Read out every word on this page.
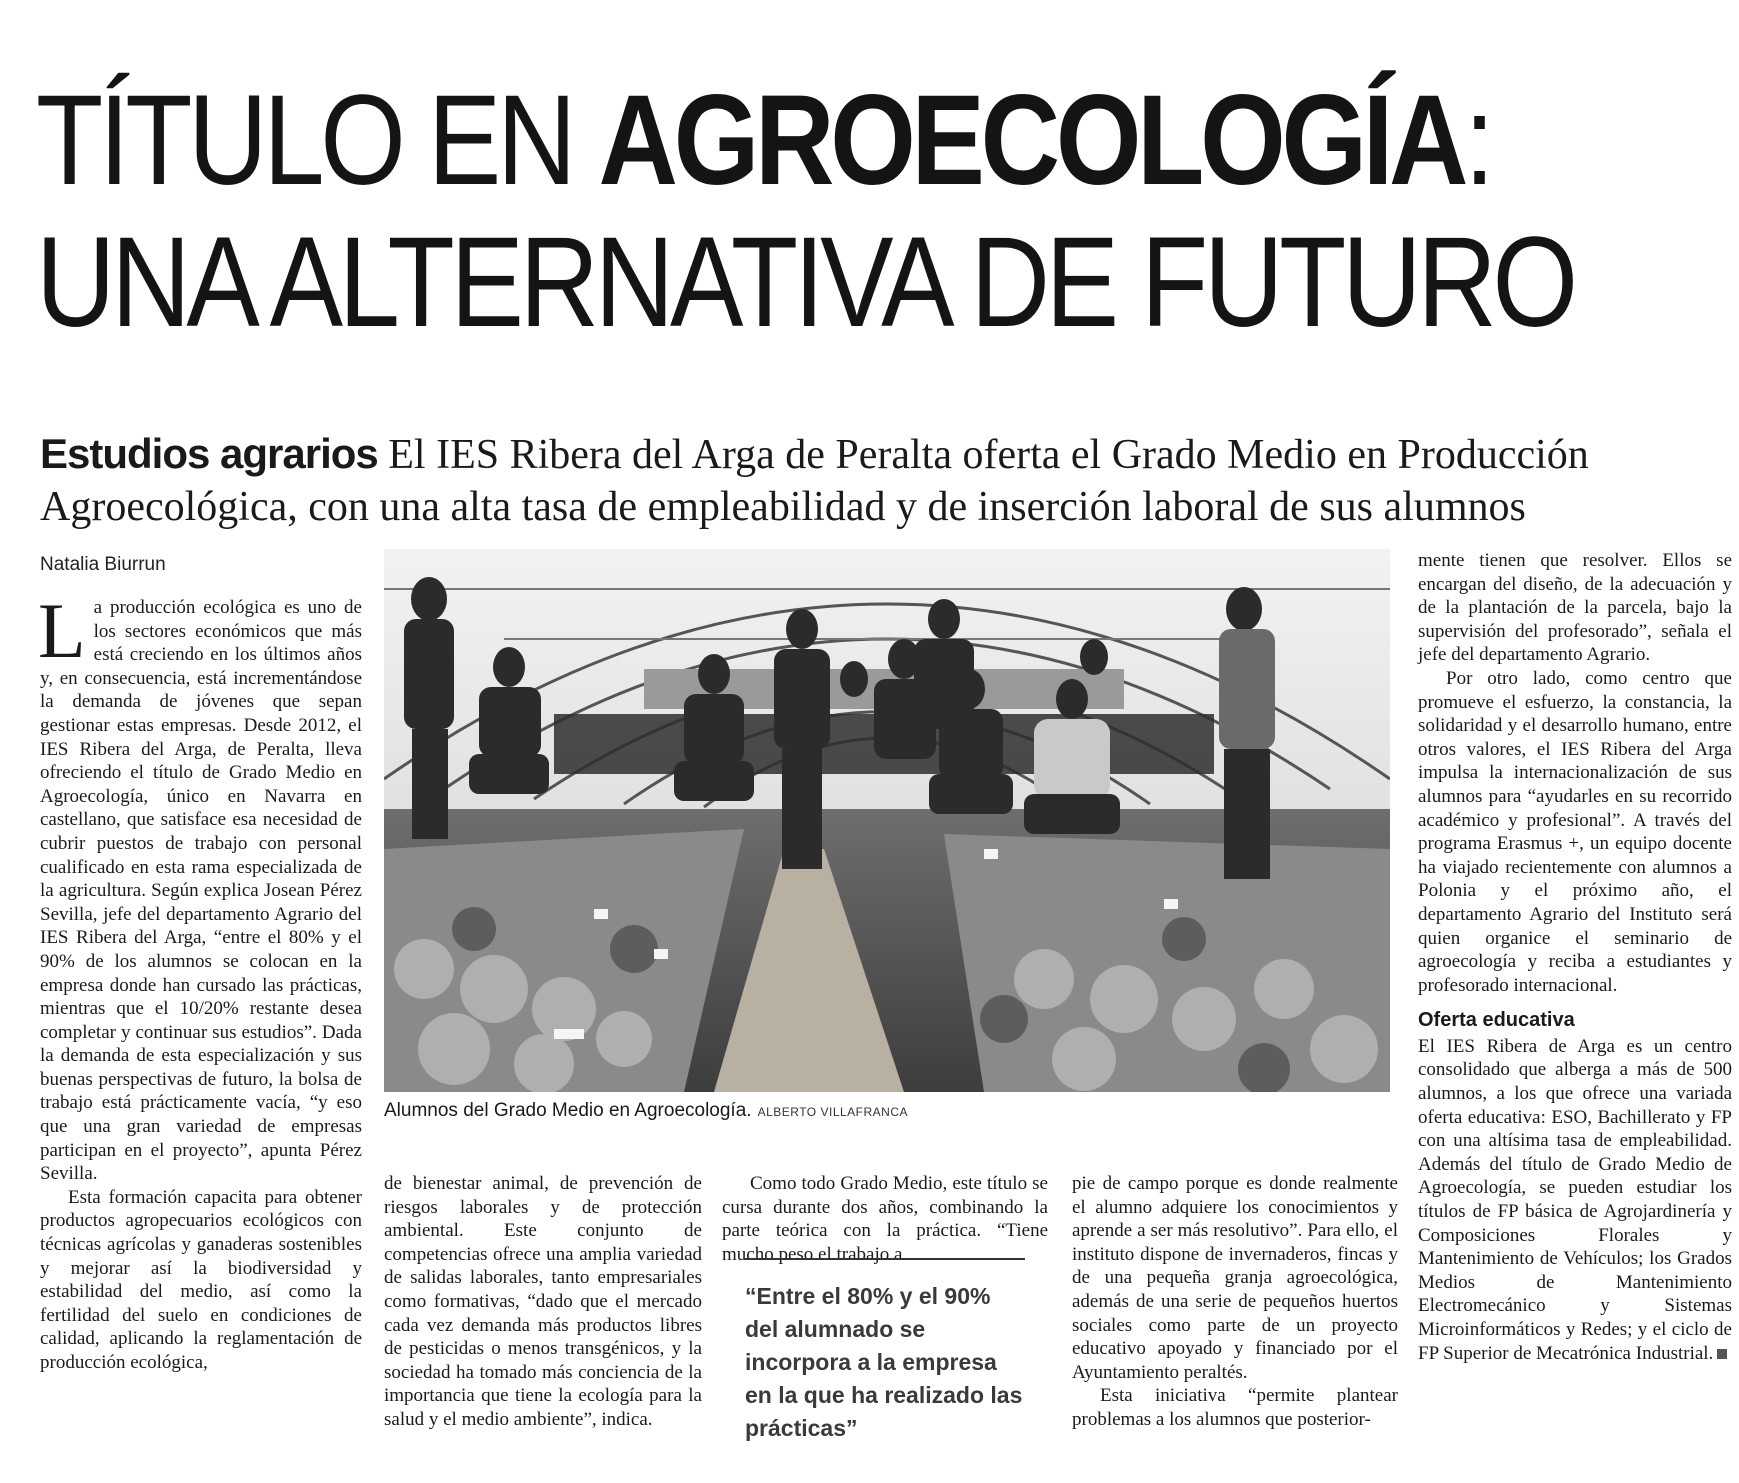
TÍTULO EN AGROECOLOGÍA:
UNA ALTERNATIVA DE FUTURO
Estudios agrarios El IES Ribera del Arga de Peralta oferta el Grado Medio en Producción Agroecológica, con una alta tasa de empleabilidad y de inserción laboral de sus alumnos
Natalia Biurrun

La producción ecológica es uno de los sectores económicos que más está creciendo en los últimos años y, en consecuencia, está incrementándose la demanda de jóvenes que sepan gestionar estas empresas. Desde 2012, el IES Ribera del Arga, de Peralta, lleva ofreciendo el título de Grado Medio en Agroecología, único en Navarra en castellano, que satisface esa necesidad de cubrir puestos de trabajo con personal cualificado en esta rama especializada de la agricultura. Según explica Josean Pérez Sevilla, jefe del departamento Agrario del IES Ribera del Arga, “entre el 80% y el 90% de los alumnos se colocan en la empresa donde han cursado las prácticas, mientras que el 10/20% restante desea completar y continuar sus estudios”. Dada la demanda de esta especialización y sus buenas perspectivas de futuro, la bolsa de trabajo está prácticamente vacía, “y eso que una gran variedad de empresas participan en el proyecto”, apunta Pérez Sevilla.

Esta formación capacita para obtener productos agropecuarios ecológicos con técnicas agrícolas y ganaderas sostenibles y mejorar así la biodiversidad y estabilidad del medio, así como la fertilidad del suelo en condiciones de calidad, aplicando la reglamentación de producción ecológica,

Alumnos del Grado Medio en Agroecología. ALBERTO VILLAFRANCA

de bienestar animal, de prevención de riesgos laborales y de protección ambiental. Este conjunto de competencias ofrece una amplia variedad de salidas laborales, tanto empresariales como formativas, “dado que el mercado cada vez demanda más productos libres de pesticidas o menos transgénicos, y la sociedad ha tomado más conciencia de la importancia que tiene la ecología para la salud y el medio ambiente”, indica.

Como todo Grado Medio, este título se cursa durante dos años, combinando la parte teórica con la práctica. “Tiene mucho peso el trabajo a

“Entre el 80% y el 90% del alumnado se incorpora a la empresa en la que ha realizado las prácticas”

pie de campo porque es donde realmente el alumno adquiere los conocimientos y aprende a ser más resolutivo”. Para ello, el instituto dispone de invernaderos, fincas y de una pequeña granja agroecológica, además de una serie de pequeños huertos sociales como parte de un proyecto educativo apoyado y financiado por el Ayuntamiento peraltés.

Esta iniciativa “permite plantear problemas a los alumnos que posterior-

mente tienen que resolver. Ellos se encargan del diseño, de la adecuación y de la plantación de la parcela, bajo la supervisión del profesorado”, señala el jefe del departamento Agrario.

Por otro lado, como centro que promueve el esfuerzo, la constancia, la solidaridad y el desarrollo humano, entre otros valores, el IES Ribera del Arga impulsa la internacionalización de sus alumnos para “ayudarles en su recorrido académico y profesional”. A través del programa Erasmus +, un equipo docente ha viajado recientemente con alumnos a Polonia y el próximo año, el departamento Agrario del Instituto será quien organice el seminario de agroecología y reciba a estudiantes y profesorado internacional.

Oferta educativa

El IES Ribera de Arga es un centro consolidado que alberga a más de 500 alumnos, a los que ofrece una variada oferta educativa: ESO, Bachillerato y FP con una altísima tasa de empleabilidad. Además del título de Grado Medio de Agroecología, se pueden estudiar los títulos de FP básica de Agrojardinería y Composiciones Florales y Mantenimiento de Vehículos; los Grados Medios de Mantenimiento Electromecánico y Sistemas Microinformáticos y Redes; y el ciclo de FP Superior de Mecatrónica Industrial.
